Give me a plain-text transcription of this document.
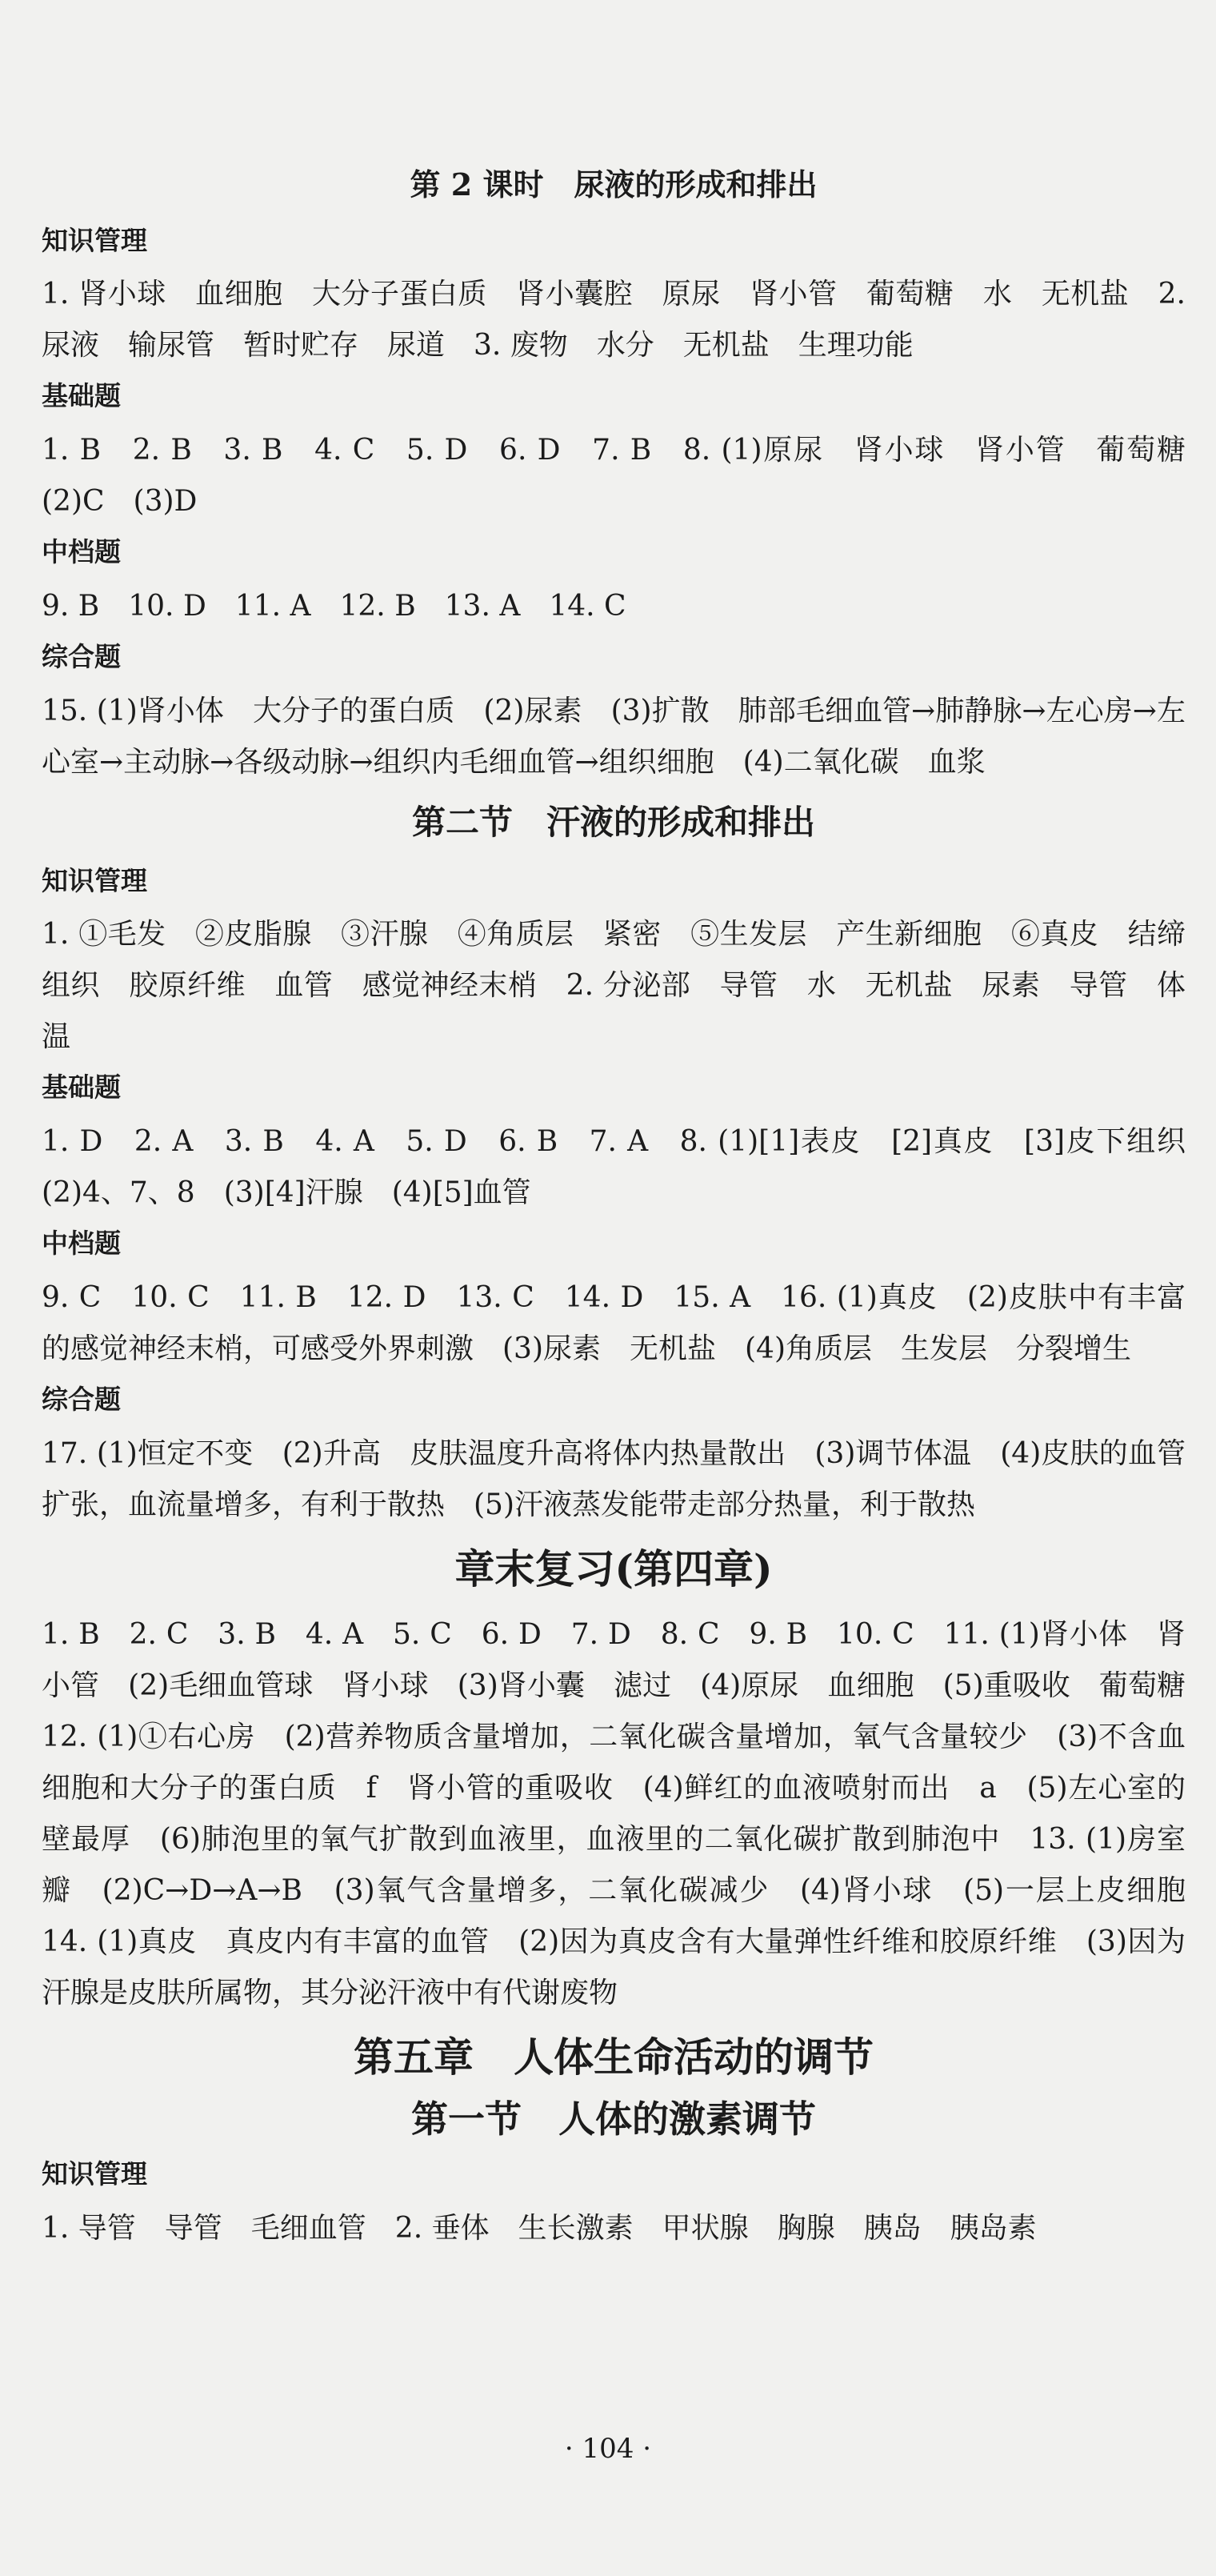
第 2 课时　尿液的形成和排出
知识管理
1. 肾小球　血细胞　大分子蛋白质　肾小囊腔　原尿　肾小管　葡萄糖　水　无机盐　2. 尿液　输尿管　暂时贮存　尿道　3. 废物　水分　无机盐　生理功能
基础题
1. B　2. B　3. B　4. C　5. D　6. D　7. B　8. (1)原尿　肾小球　肾小管　葡萄糖　(2)C　(3)D
中档题
9. B　10. D　11. A　12. B　13. A　14. C
综合题
15. (1)肾小体　大分子的蛋白质　(2)尿素　(3)扩散　肺部毛细血管→肺静脉→左心房→左心室→主动脉→各级动脉→组织内毛细血管→组织细胞　(4)二氧化碳　血浆
第二节　汗液的形成和排出
知识管理
1. ①毛发　②皮脂腺　③汗腺　④角质层　紧密　⑤生发层　产生新细胞　⑥真皮　结缔组织　胶原纤维　血管　感觉神经末梢　2. 分泌部　导管　水　无机盐　尿素　导管　体温
基础题
1. D　2. A　3. B　4. A　5. D　6. B　7. A　8. (1)[1]表皮　[2]真皮　[3]皮下组织　(2)4、7、8　(3)[4]汗腺　(4)[5]血管
中档题
9. C　10. C　11. B　12. D　13. C　14. D　15. A　16. (1)真皮　(2)皮肤中有丰富的感觉神经末梢，可感受外界刺激　(3)尿素　无机盐　(4)角质层　生发层　分裂增生
综合题
17. (1)恒定不变　(2)升高　皮肤温度升高将体内热量散出　(3)调节体温　(4)皮肤的血管扩张，血流量增多，有利于散热　(5)汗液蒸发能带走部分热量，利于散热
章末复习(第四章)
1. B　2. C　3. B　4. A　5. C　6. D　7. D　8. C　9. B　10. C　11. (1)肾小体　肾小管　(2)毛细血管球　肾小球　(3)肾小囊　滤过　(4)原尿　血细胞　(5)重吸收　葡萄糖　12. (1)①右心房　(2)营养物质含量增加，二氧化碳含量增加，氧气含量较少　(3)不含血细胞和大分子的蛋白质　f　肾小管的重吸收　(4)鲜红的血液喷射而出　a　(5)左心室的壁最厚　(6)肺泡里的氧气扩散到血液里，血液里的二氧化碳扩散到肺泡中　13. (1)房室瓣　(2)C→D→A→B　(3)氧气含量增多，二氧化碳减少　(4)肾小球　(5)一层上皮细胞　14. (1)真皮　真皮内有丰富的血管　(2)因为真皮含有大量弹性纤维和胶原纤维　(3)因为汗腺是皮肤所属物，其分泌汗液中有代谢废物
第五章　人体生命活动的调节
第一节　人体的激素调节
知识管理
1. 导管　导管　毛细血管　2. 垂体　生长激素　甲状腺　胸腺　胰岛　胰岛素
· 104 ·
